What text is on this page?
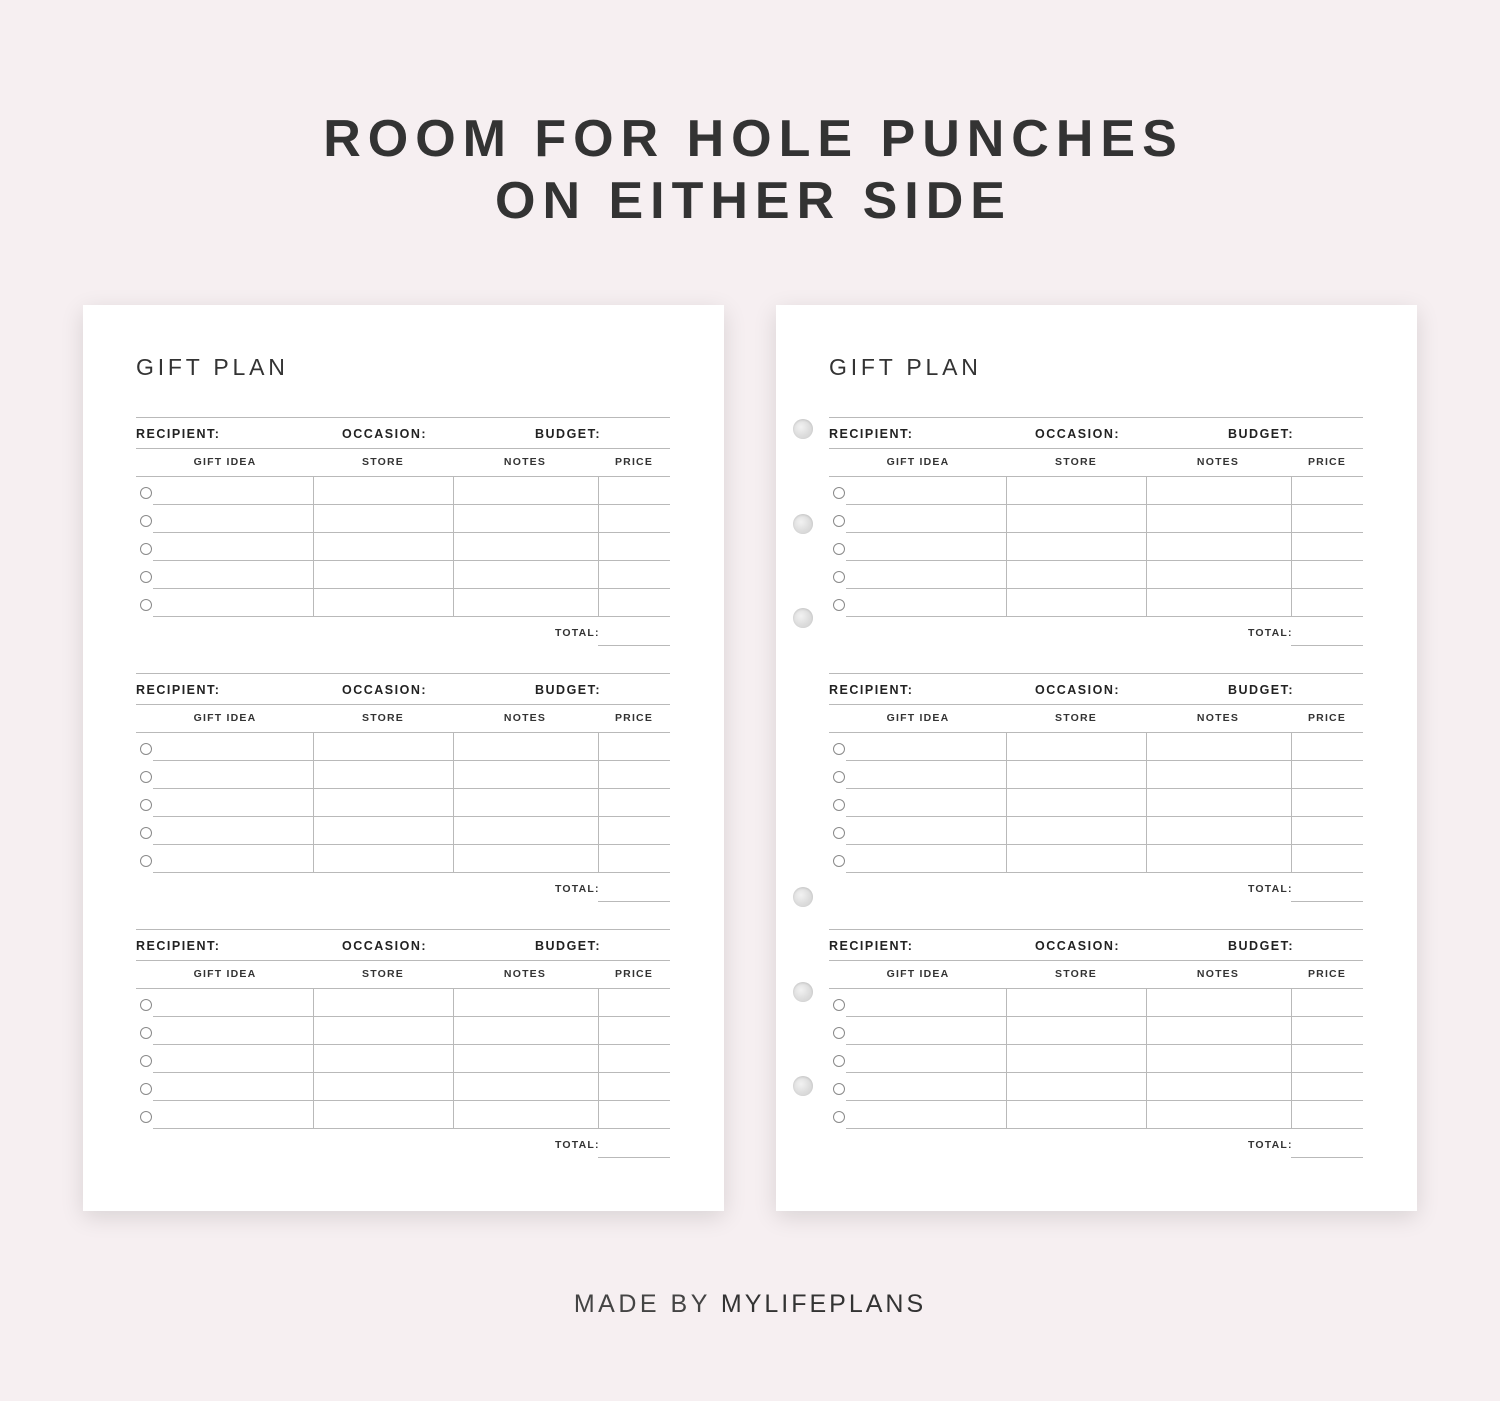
ROOM FOR HOLE PUNCHES
ON EITHER SIDE
GIFT PLAN
RECIPIENT:	OCCASION:	BUDGET:
GIFT IDEA	STORE	NOTES	PRICE
TOTAL:
RECIPIENT:	OCCASION:	BUDGET:
GIFT IDEA	STORE	NOTES	PRICE
TOTAL:
RECIPIENT:	OCCASION:	BUDGET:
GIFT IDEA	STORE	NOTES	PRICE
TOTAL:
GIFT PLAN
RECIPIENT:	OCCASION:	BUDGET:
GIFT IDEA	STORE	NOTES	PRICE
TOTAL:
RECIPIENT:	OCCASION:	BUDGET:
GIFT IDEA	STORE	NOTES	PRICE
TOTAL:
RECIPIENT:	OCCASION:	BUDGET:
GIFT IDEA	STORE	NOTES	PRICE
TOTAL:
MADE BY MYLIFEPLANS
